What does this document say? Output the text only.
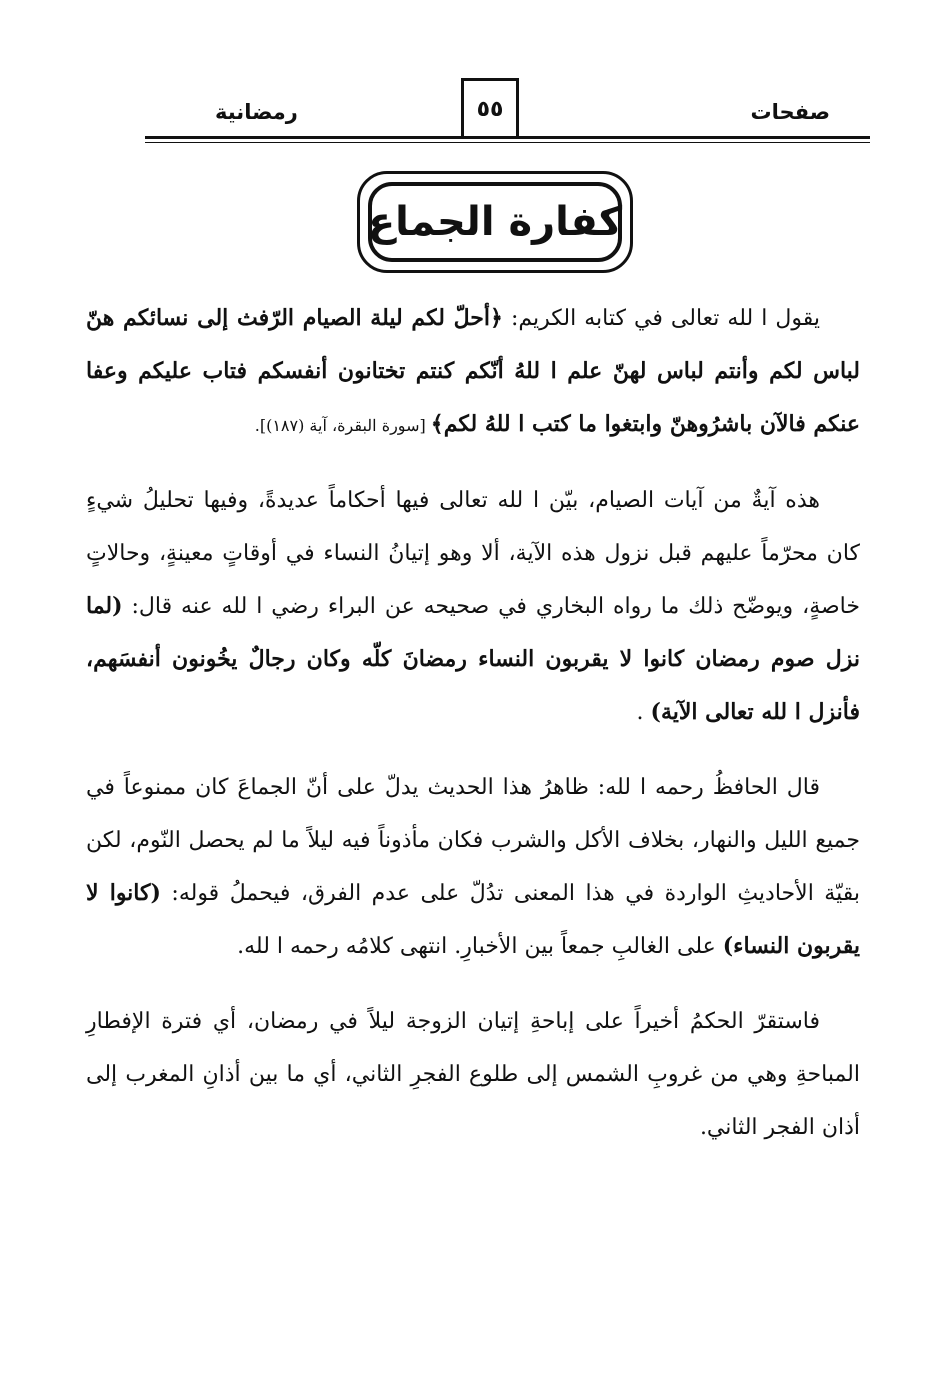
صفحات
٥٥
رمضانية
كفارة الجماع

يقول ا لله تعالى في كتابه الكريم: ﴿أحلّ لكم ليلة الصيام الرّفث إلى نسائكم هنّ لباس لكم وأنتم لباس لهنّ علم ا للهُ أنّكم كنتم تختانون أنفسكم فتاب عليكم وعفا عنكم فالآن باشرُوهنّ وابتغوا ما كتب ا للهُ لكم﴾ [سورة البقرة، آية (١٨٧)].

هذه آيةٌ من آيات الصيام، بيّن ا لله تعالى فيها أحكاماً عديدةً، وفيها تحليلُ شيءٍ كان محرّماً عليهم قبل نزول هذه الآية، ألا وهو إتيانُ النساء في أوقاتٍ معينةٍ، وحالاتٍ خاصةٍ، ويوضّح ذلك ما رواه البخاري في صحيحه عن البراء رضي ا لله عنه قال: (لما نزل صوم رمضان كانوا لا يقربون النساء رمضانَ كلّه وكان رجالٌ يخُونون أنفسَهم، فأنزل ا لله تعالى الآية) .

قال الحافظُ رحمه ا لله: ظاهرُ هذا الحديث يدلّ على أنّ الجماعَ كان ممنوعاً في جميع الليل والنهار، بخلاف الأكل والشرب فكان مأذوناً فيه ليلاً ما لم يحصل النّوم، لكن بقيّة الأحاديثِ الواردة في هذا المعنى تدُلّ على عدم الفرق، فيحملُ قوله: (كانوا لا يقربون النساء) على الغالبِ جمعاً بين الأخبارِ. انتهى كلامُه رحمه ا لله.

فاستقرّ الحكمُ أخيراً على إباحةِ إتيان الزوجة ليلاً في رمضان، أي فترة الإفطارِ المباحةِ وهي من غروبِ الشمس إلى طلوع الفجرِ الثاني، أي ما بين أذانِ المغرب إلى أذان الفجر الثاني.
